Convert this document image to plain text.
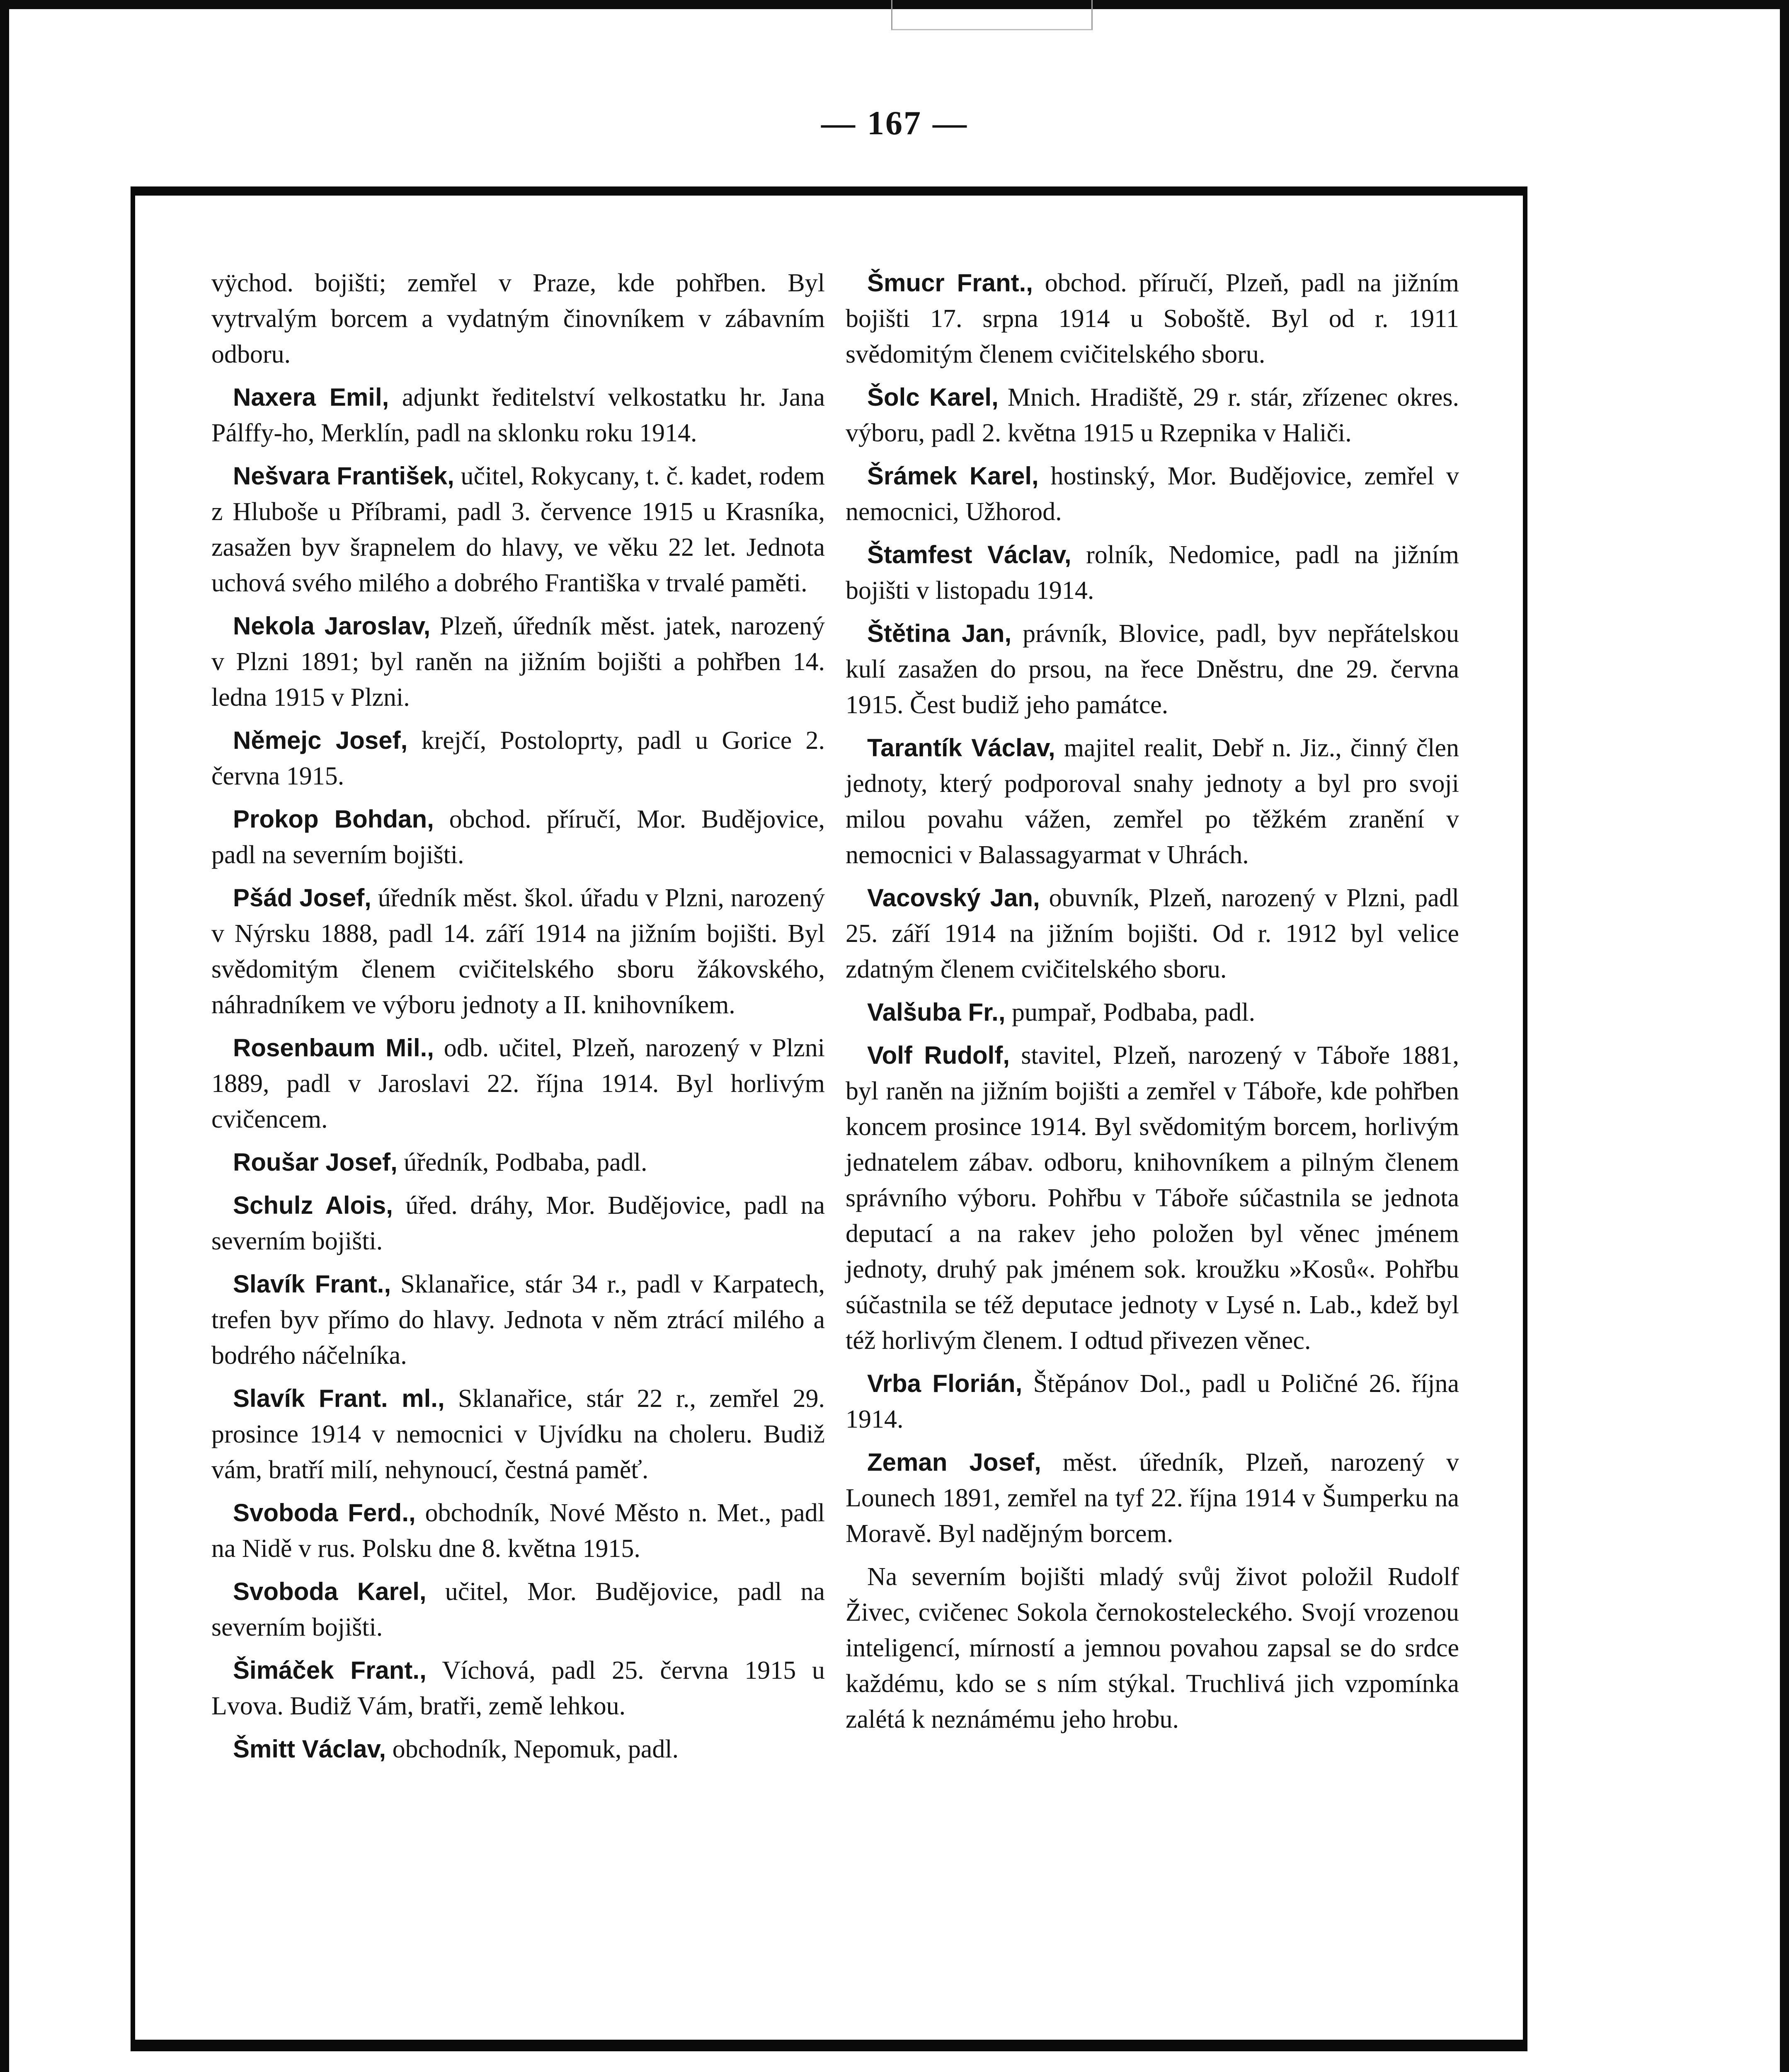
— 167 —

vÿchod. bojišti; zemřel v Praze, kde pohřben. Byl vytrvalým borcem a vydatným činovníkem v zábavním odboru.

Naxera Emil, adjunkt ředitelství velkostatku hr. Jana Pálffy-ho, Merklín, padl na sklonku roku 1914.

Nešvara František, učitel, Rokycany, t. č. kadet, rodem z Hluboše u Příbrami, padl 3. července 1915 u Krasníka, zasažen byv šrapnelem do hlavy, ve věku 22 let. Jednota uchová svého milého a dobrého Františka v trvalé paměti.

Nekola Jaroslav, Plzeň, úředník měst. jatek, narozený v Plzni 1891; byl raněn na jižním bojišti a pohřben 14. ledna 1915 v Plzni.

Němejc Josef, krejčí, Postoloprty, padl u Gorice 2. června 1915.

Prokop Bohdan, obchod. příručí, Mor. Budějovice, padl na severním bojišti.

Pšád Josef, úředník měst. škol. úřadu v Plzni, narozený v Nýrsku 1888, padl 14. září 1914 na jižním bojišti. Byl svědomitým členem cvičitelského sboru žákovského, náhradníkem ve výboru jednoty a II. knihovníkem.

Rosenbaum Mil., odb. učitel, Plzeň, narozený v Plzni 1889, padl v Jaroslavi 22. října 1914. Byl horlivým cvičencem.

Roušar Josef, úředník, Podbaba, padl.

Schulz Alois, úřed. dráhy, Mor. Budějovice, padl na severním bojišti.

Slavík Frant., Sklanařice, stár 34 r., padl v Karpatech, trefen byv přímo do hlavy. Jednota v něm ztrácí milého a bodrého náčelníka.

Slavík Frant. ml., Sklanařice, stár 22 r., zemřel 29. prosince 1914 v nemocnici v Ujvídku na choleru. Budiž vám, bratří milí, nehynoucí, čestná paměť.

Svoboda Ferd., obchodník, Nové Město n. Met., padl na Nidě v rus. Polsku dne 8. května 1915.

Svoboda Karel, učitel, Mor. Budějovice, padl na severním bojišti.

Šimáček Frant., Víchová, padl 25. června 1915 u Lvova. Budiž Vám, bratři, země lehkou.

Šmitt Václav, obchodník, Nepomuk, padl.

Šmucr Frant., obchod. příručí, Plzeň, padl na jižním bojišti 17. srpna 1914 u Soboště. Byl od r. 1911 svědomitým členem cvičitelského sboru.

Šolc Karel, Mnich. Hradiště, 29 r. stár, zřízenec okres. výboru, padl 2. května 1915 u Rzepnika v Haliči.

Šrámek Karel, hostinský, Mor. Budějovice, zemřel v nemocnici, Užhorod.

Štamfest Václav, rolník, Nedomice, padl na jižním bojišti v listopadu 1914.

Štětina Jan, právník, Blovice, padl, byv nepřátelskou kulí zasažen do prsou, na řece Dněstru, dne 29. června 1915. Čest budiž jeho památce.

Tarantík Václav, majitel realit, Debř n. Jiz., činný člen jednoty, který podporoval snahy jednoty a byl pro svoji milou povahu vážen, zemřel po těžkém zranění v nemocnici v Balassagyarmat v Uhrách.

Vacovský Jan, obuvník, Plzeň, narozený v Plzni, padl 25. září 1914 na jižním bojišti. Od r. 1912 byl velice zdatným členem cvičitelského sboru.

Valšuba Fr., pumpař, Podbaba, padl.

Volf Rudolf, stavitel, Plzeň, narozený v Táboře 1881, byl raněn na jižním bojišti a zemřel v Táboře, kde pohřben koncem prosince 1914. Byl svědomitým borcem, horlivým jednatelem zábav. odboru, knihovníkem a pilným členem správního výboru. Pohřbu v Táboře súčastnila se jednota deputací a na rakev jeho položen byl věnec jménem jednoty, druhý pak jménem sok. kroužku »Kosů«. Pohřbu súčastnila se též deputace jednoty v Lysé n. Lab., kdež byl též horlivým členem. I odtud přivezen věnec.

Vrba Florián, Štěpánov Dol., padl u Poličné 26. října 1914.

Zeman Josef, měst. úředník, Plzeň, narozený v Lounech 1891, zemřel na tyf 22. října 1914 v Šumperku na Moravě. Byl nadějným borcem.

Na severním bojišti mladý svůj život položil Rudolf Živec, cvičenec Sokola černokosteleckého. Svojí vrozenou inteligencí, mírností a jemnou povahou zapsal se do srdce každému, kdo se s ním stýkal. Truchlivá jich vzpomínka zalétá k neznámému jeho hrobu.
